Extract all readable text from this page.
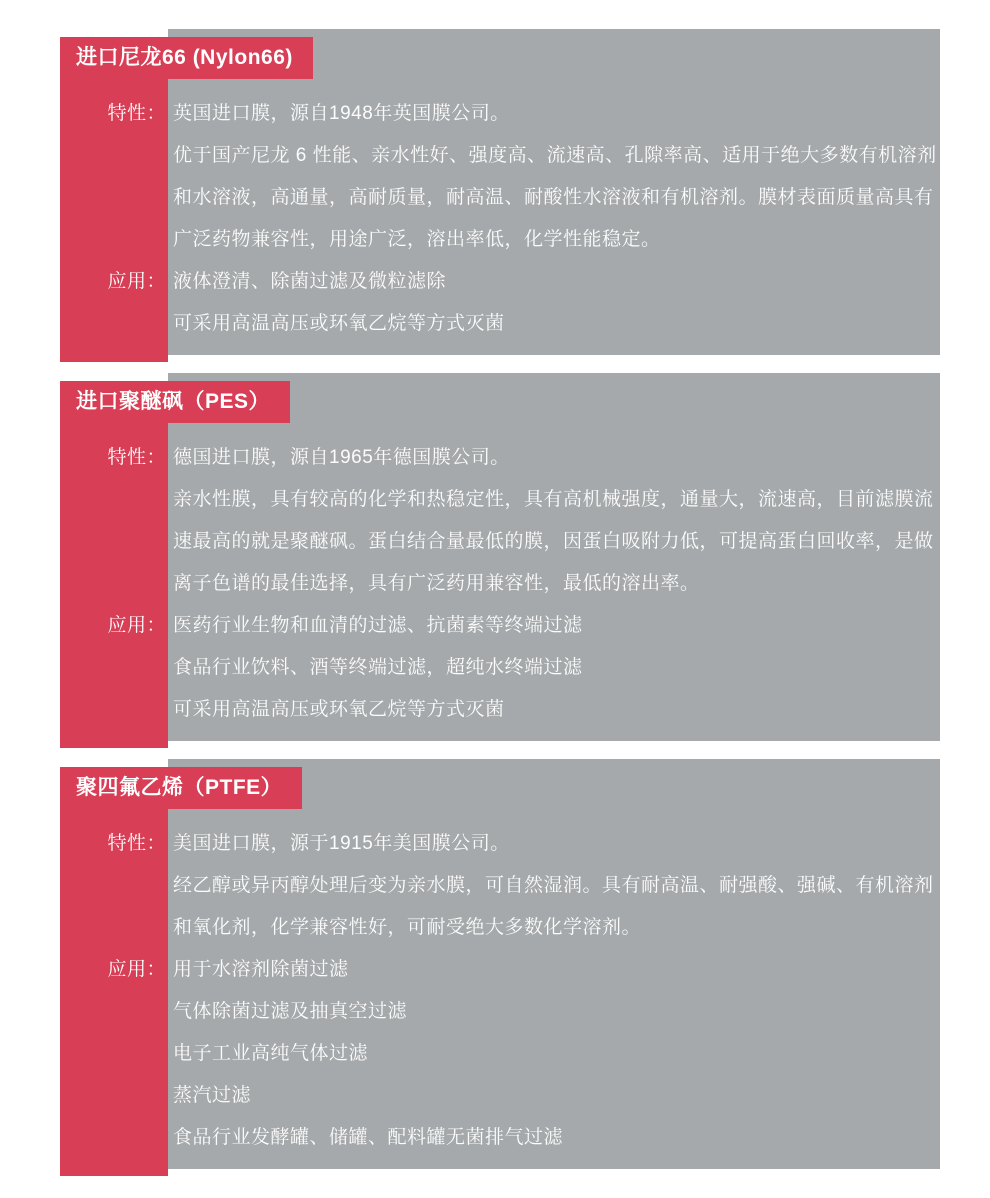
进口尼龙66 (Nylon66)
特性： 英国进口膜，源自1948年英国膜公司。
优于国产尼龙 6 性能、亲水性好、强度高、流速高、孔隙率高、适用于绝大多数有机溶剂
和水溶液，高通量，高耐质量，耐高温、耐酸性水溶液和有机溶剂。膜材表面质量高具有
广泛药物兼容性，用途广泛，溶出率低，化学性能稳定。
应用： 液体澄清、除菌过滤及微粒滤除
可采用高温高压或环氧乙烷等方式灭菌
进口聚醚砜（PES）
特性： 德国进口膜，源自1965年德国膜公司。
亲水性膜，具有较高的化学和热稳定性，具有高机械强度，通量大，流速高，目前滤膜流
速最高的就是聚醚砜。蛋白结合量最低的膜，因蛋白吸附力低，可提高蛋白回收率，是做
离子色谱的最佳选择，具有广泛药用兼容性，最低的溶出率。
应用： 医药行业生物和血清的过滤、抗菌素等终端过滤
食品行业饮料、酒等终端过滤，超纯水终端过滤
可采用高温高压或环氧乙烷等方式灭菌
聚四氟乙烯（PTFE）
特性： 美国进口膜，源于1915年美国膜公司。
经乙醇或异丙醇处理后变为亲水膜，可自然湿润。具有耐高温、耐强酸、强碱、有机溶剂
和氧化剂，化学兼容性好，可耐受绝大多数化学溶剂。
应用： 用于水溶剂除菌过滤
气体除菌过滤及抽真空过滤
电子工业高纯气体过滤
蒸汽过滤
食品行业发酵罐、储罐、配料罐无菌排气过滤
